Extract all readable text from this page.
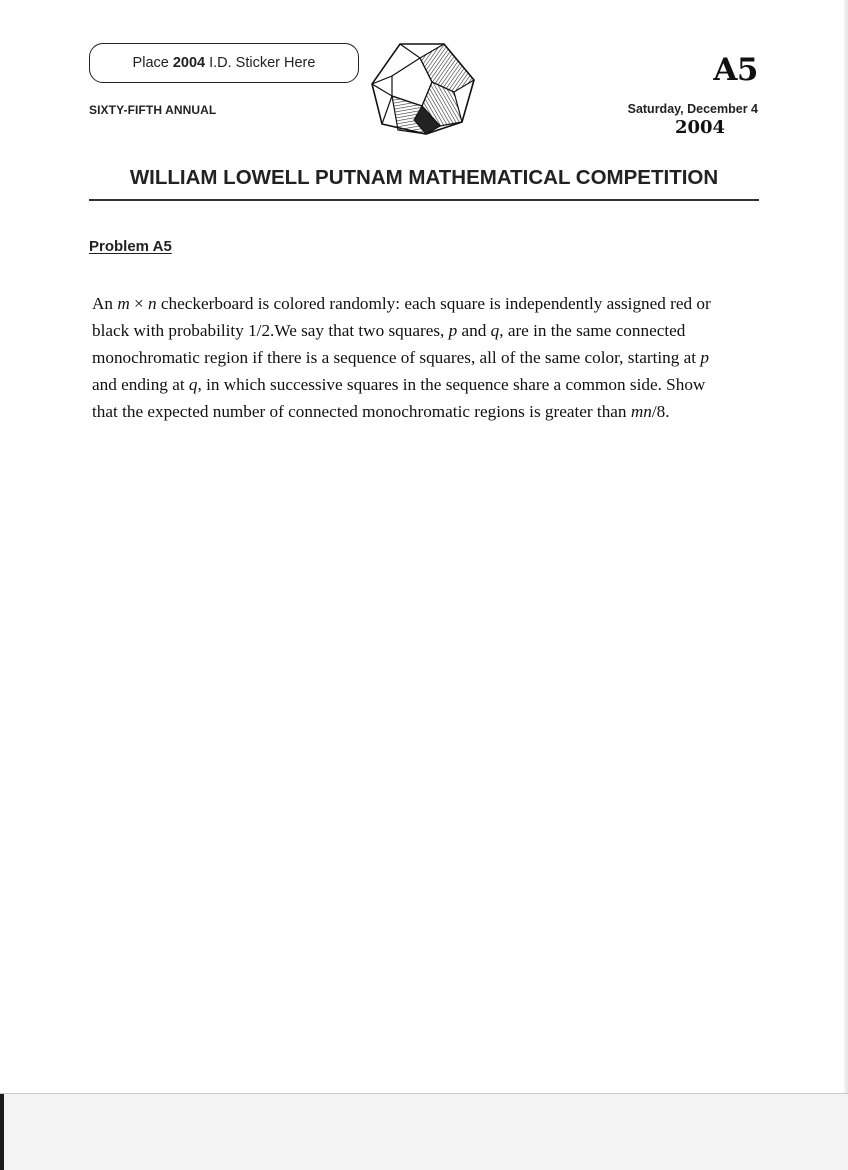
Place 2004 I.D. Sticker Here
SIXTY-FIFTH ANNUAL
A5
Saturday, December 4
2004
WILLIAM LOWELL PUTNAM MATHEMATICAL COMPETITION
Problem A5
An m × n checkerboard is colored randomly: each square is independently assigned red or
black with probability 1/2.We say that two squares, p and q, are in the same connected
monochromatic region if there is a sequence of squares, all of the same color, starting at p
and ending at q, in which successive squares in the sequence share a common side. Show
that the expected number of connected monochromatic regions is greater than mn/8.
